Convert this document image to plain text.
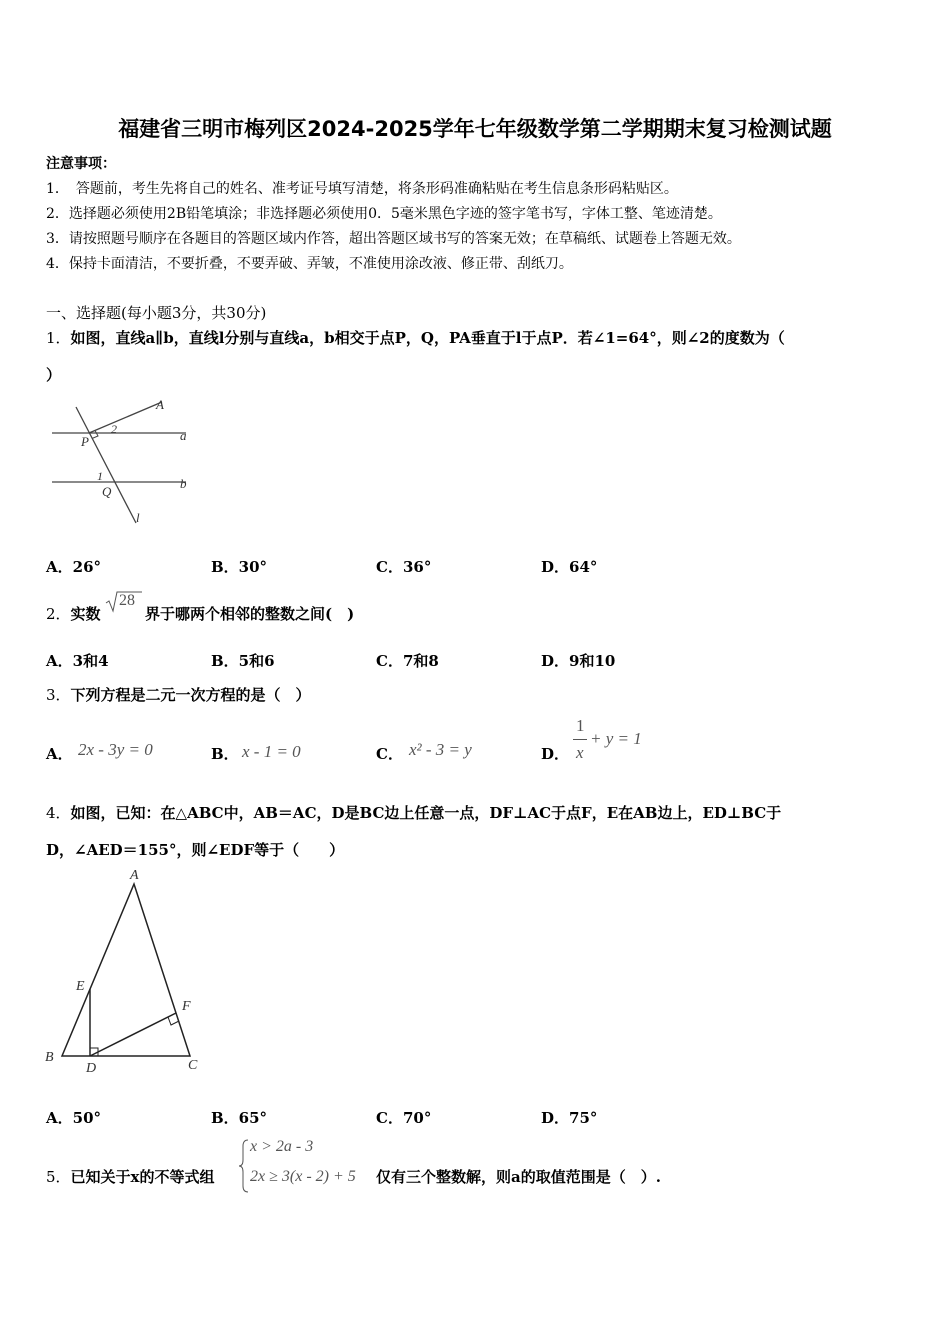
福建省三明市梅列区2024-2025学年七年级数学第二学期期末复习检测试题
注意事项：
1．　答题前，考生先将自己的姓名、准考证号填写清楚，将条形码准确粘贴在考生信息条形码粘贴区。
2．选择题必须使用2B铅笔填涂；非选择题必须使用0．5毫米黑色字迹的签字笔书写，字体工整、笔迹清楚。
3．请按照题号顺序在各题目的答题区域内作答，超出答题区域书写的答案无效；在草稿纸、试题卷上答题无效。
4．保持卡面清洁，不要折叠，不要弄破、弄皱，不准使用涂改液、修正带、刮纸刀。
一、选择题(每小题3分，共30分)
1．如图，直线a∥b，直线l分别与直线a，b相交于点P，Q，PA垂直于l于点P．若∠1=64°，则∠2的度数为（
）
A
a
b
P
Q
l
1
2
A．26°	B．30°	C．36°	D．64°
2．实数
28
界于哪两个相邻的整数之间(　)
A．3和4	B．5和6	C．7和8	D．9和10
3．下列方程是二元一次方程的是（　）
A． 2x - 3y = 0	B． x - 1 = 0	C． x² - 3 = y	D．
1
x
+ y = 1
4．如图，已知：在△ABC中，AB＝AC，D是BC边上任意一点，DF⊥AC于点F，E在AB边上，ED⊥BC于
D，∠AED＝155°，则∠EDF等于（　　）
A
B
C
D
E
F
A．50°	B．65°	C．70°	D．75°
5．已知关于x的不等式组
x > 2a - 3
2x ≥ 3(x - 2) + 5 仅有三个整数解，则a的取值范围是（　）.
